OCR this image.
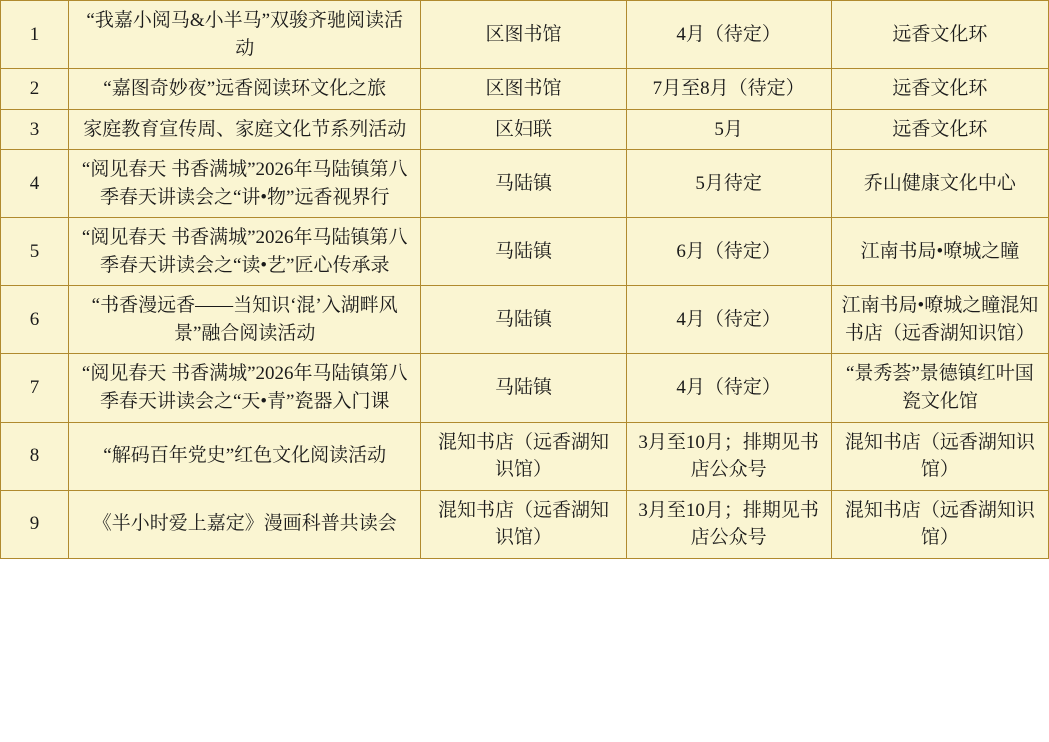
1	“我嘉小阅马&小半马”双骏齐驰阅读活动	区图书馆	4月（待定）	远香文化环

2	“嘉图奇妙夜”远香阅读环文化之旅	区图书馆	7月至8月（待定）	远香文化环

3	家庭教育宣传周、家庭文化节系列活动	区妇联	5月	远香文化环

4	“阅见春天 书香满城”2026年马陆镇第八季春天讲读会之“讲•物”远香视界行	马陆镇	5月待定	乔山健康文化中心

5	“阅见春天 书香满城”2026年马陆镇第八季春天讲读会之“读•艺”匠心传承录	马陆镇	6月（待定）	江南书局•嘹城之瞳

6	“书香漫远香——当知识‘混’入湖畔风景”融合阅读活动	马陆镇	4月（待定）	江南书局•嘹城之瞳混知书店（远香湖知识馆）

7	“阅见春天 书香满城”2026年马陆镇第八季春天讲读会之“天•青”瓷器入门课	马陆镇	4月（待定）	“景秀荟”景德镇红叶国瓷文化馆

8	“解码百年党史”红色文化阅读活动	混知书店（远香湖知识馆）	3月至10月；排期见书店公众号	混知书店（远香湖知识馆）

9	《半小时爱上嘉定》漫画科普共读会	混知书店（远香湖知识馆）	3月至10月；排期见书店公众号	混知书店（远香湖知识馆）
